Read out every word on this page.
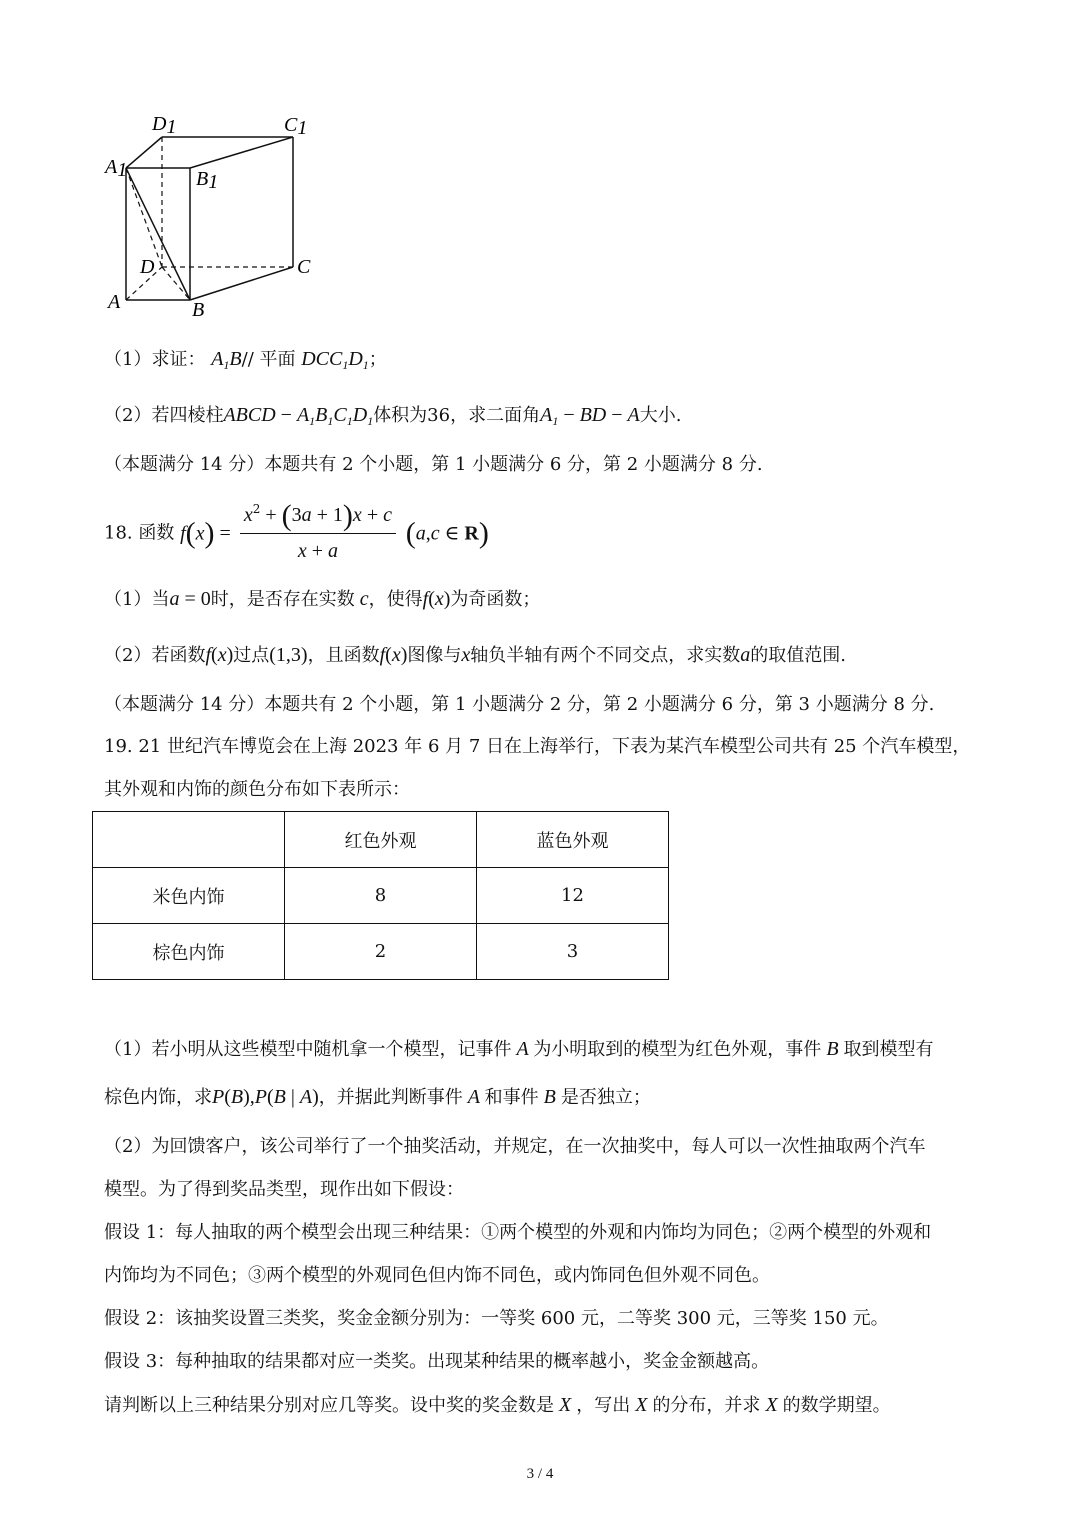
D1	C1
A1	B1
D	C
A	B
（1）求证： $A_1B//$ 平面 $DCC_1D_1$；
（2）若四棱柱ABCD − $A_1B_1C_1D_1$体积为36，求二面角$A_1$ − BD − A大小.
（本题满分 14 分）本题共有 2 个小题，第 1 小题满分 6 分，第 2 小题满分 8 分.
18. 函数 $f(x) = \frac{x^2 + (3a + 1)x + c}{x + a} (a,c$ ∈ R)
（1）当a = 0时，是否存在实数 c，使得f(x)为奇函数；
（2）若函数f(x)过点(1,3)，且函数f(x)图像与x轴负半轴有两个不同交点，求实数a的取值范围.
（本题满分 14 分）本题共有 2 个小题，第 1 小题满分 2 分，第 2 小题满分 6 分，第 3 小题满分 8 分.
19. 21 世纪汽车博览会在上海 2023 年 6 月 7 日在上海举行，下表为某汽车模型公司共有 25 个汽车模型，
其外观和内饰的颜色分布如下表所示：
	红色外观	蓝色外观
米色内饰	8	12
棕色内饰	2	3
（1）若小明从这些模型中随机拿一个模型，记事件 A 为小明取到的模型为红色外观，事件 B 取到模型有
棕色内饰，求P(B),P(B | A)，并据此判断事件 A 和事件 B 是否独立；
（2）为回馈客户，该公司举行了一个抽奖活动，并规定，在一次抽奖中，每人可以一次性抽取两个汽车
模型。为了得到奖品类型，现作出如下假设：
假设 1：每人抽取的两个模型会出现三种结果：①两个模型的外观和内饰均为同色；②两个模型的外观和
内饰均为不同色；③两个模型的外观同色但内饰不同色，或内饰同色但外观不同色。
假设 2：该抽奖设置三类奖，奖金金额分别为：一等奖 600 元，二等奖 300 元，三等奖 150 元。
假设 3：每种抽取的结果都对应一类奖。出现某种结果的概率越小，奖金金额越高。
请判断以上三种结果分别对应几等奖。设中奖的奖金数是 X ，写出 X 的分布，并求 X 的数学期望。
3 / 4
